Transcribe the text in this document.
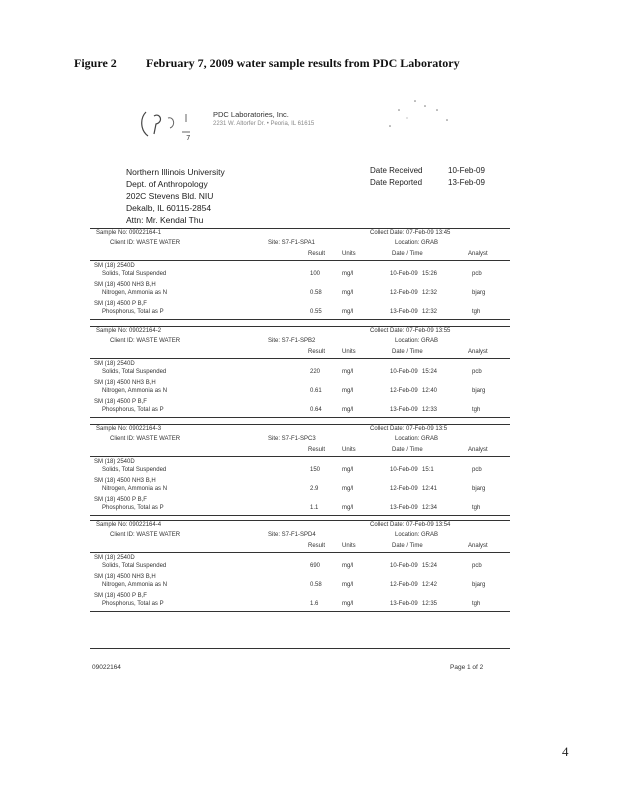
Figure 2 February 7, 2009 water sample results from PDC Laboratory
7
PDC Laboratories, Inc.
2231 W. Altorfer Dr. • Peoria, IL 61615
Northern Illinois University
Dept. of Anthropology
202C Stevens Bld. NIU
Dekalb, IL 60115-2854
Attn: Mr. Kendal Thu
Date Received	10-Feb-09
Date Reported	13-Feb-09
Sample No: 09022164-1	Collect Date: 07-Feb-09 13:45
Client ID: WASTE WATER	Site: S7-F1-SPA1	Location: GRAB
Result	Units	Date / Time	Analyst
SM (18) 2540D
Solids, Total Suspended	100	mg/l	10-Feb-09 15:26	pcb
SM (18) 4500 NH3 B,H
Nitrogen, Ammonia as N	0.58	mg/l	12-Feb-09 12:32	bjarg
SM (18) 4500 P B,F
Phosphorus, Total as P	0.55	mg/l	13-Feb-09 12:32	tgh
Sample No: 09022164-2	Collect Date: 07-Feb-09 13:55
Client ID: WASTE WATER	Site: S7-F1-SPB2	Location: GRAB
Result	Units	Date / Time	Analyst
SM (18) 2540D
Solids, Total Suspended	220	mg/l	10-Feb-09 15:24	pcb
SM (18) 4500 NH3 B,H
Nitrogen, Ammonia as N	0.61	mg/l	12-Feb-09 12:40	bjarg
SM (18) 4500 P B,F
Phosphorus, Total as P	0.64	mg/l	13-Feb-09 12:33	tgh
Sample No: 09022164-3	Collect Date: 07-Feb-09 13:5
Client ID: WASTE WATER	Site: S7-F1-SPC3	Location: GRAB
Result	Units	Date / Time	Analyst
SM (18) 2540D
Solids, Total Suspended	150	mg/l	10-Feb-09 15:1	pcb
SM (18) 4500 NH3 B,H
Nitrogen, Ammonia as N	2.9	mg/l	12-Feb-09 12:41	bjarg
SM (18) 4500 P B,F
Phosphorus, Total as P	1.1	mg/l	13-Feb-09 12:34	tgh
Sample No: 09022164-4	Collect Date: 07-Feb-09 13:54
Client ID: WASTE WATER	Site: S7-F1-SPD4	Location: GRAB
Result	Units	Date / Time	Analyst
SM (18) 2540D
Solids, Total Suspended	690	mg/l	10-Feb-09 15:24	pcb
SM (18) 4500 NH3 B,H
Nitrogen, Ammonia as N	0.58	mg/l	12-Feb-09 12:42	bjarg
SM (18) 4500 P B,F
Phosphorus, Total as P	1.6	mg/l	13-Feb-09 12:35	tgh
09022164	Page 1 of 2
4
